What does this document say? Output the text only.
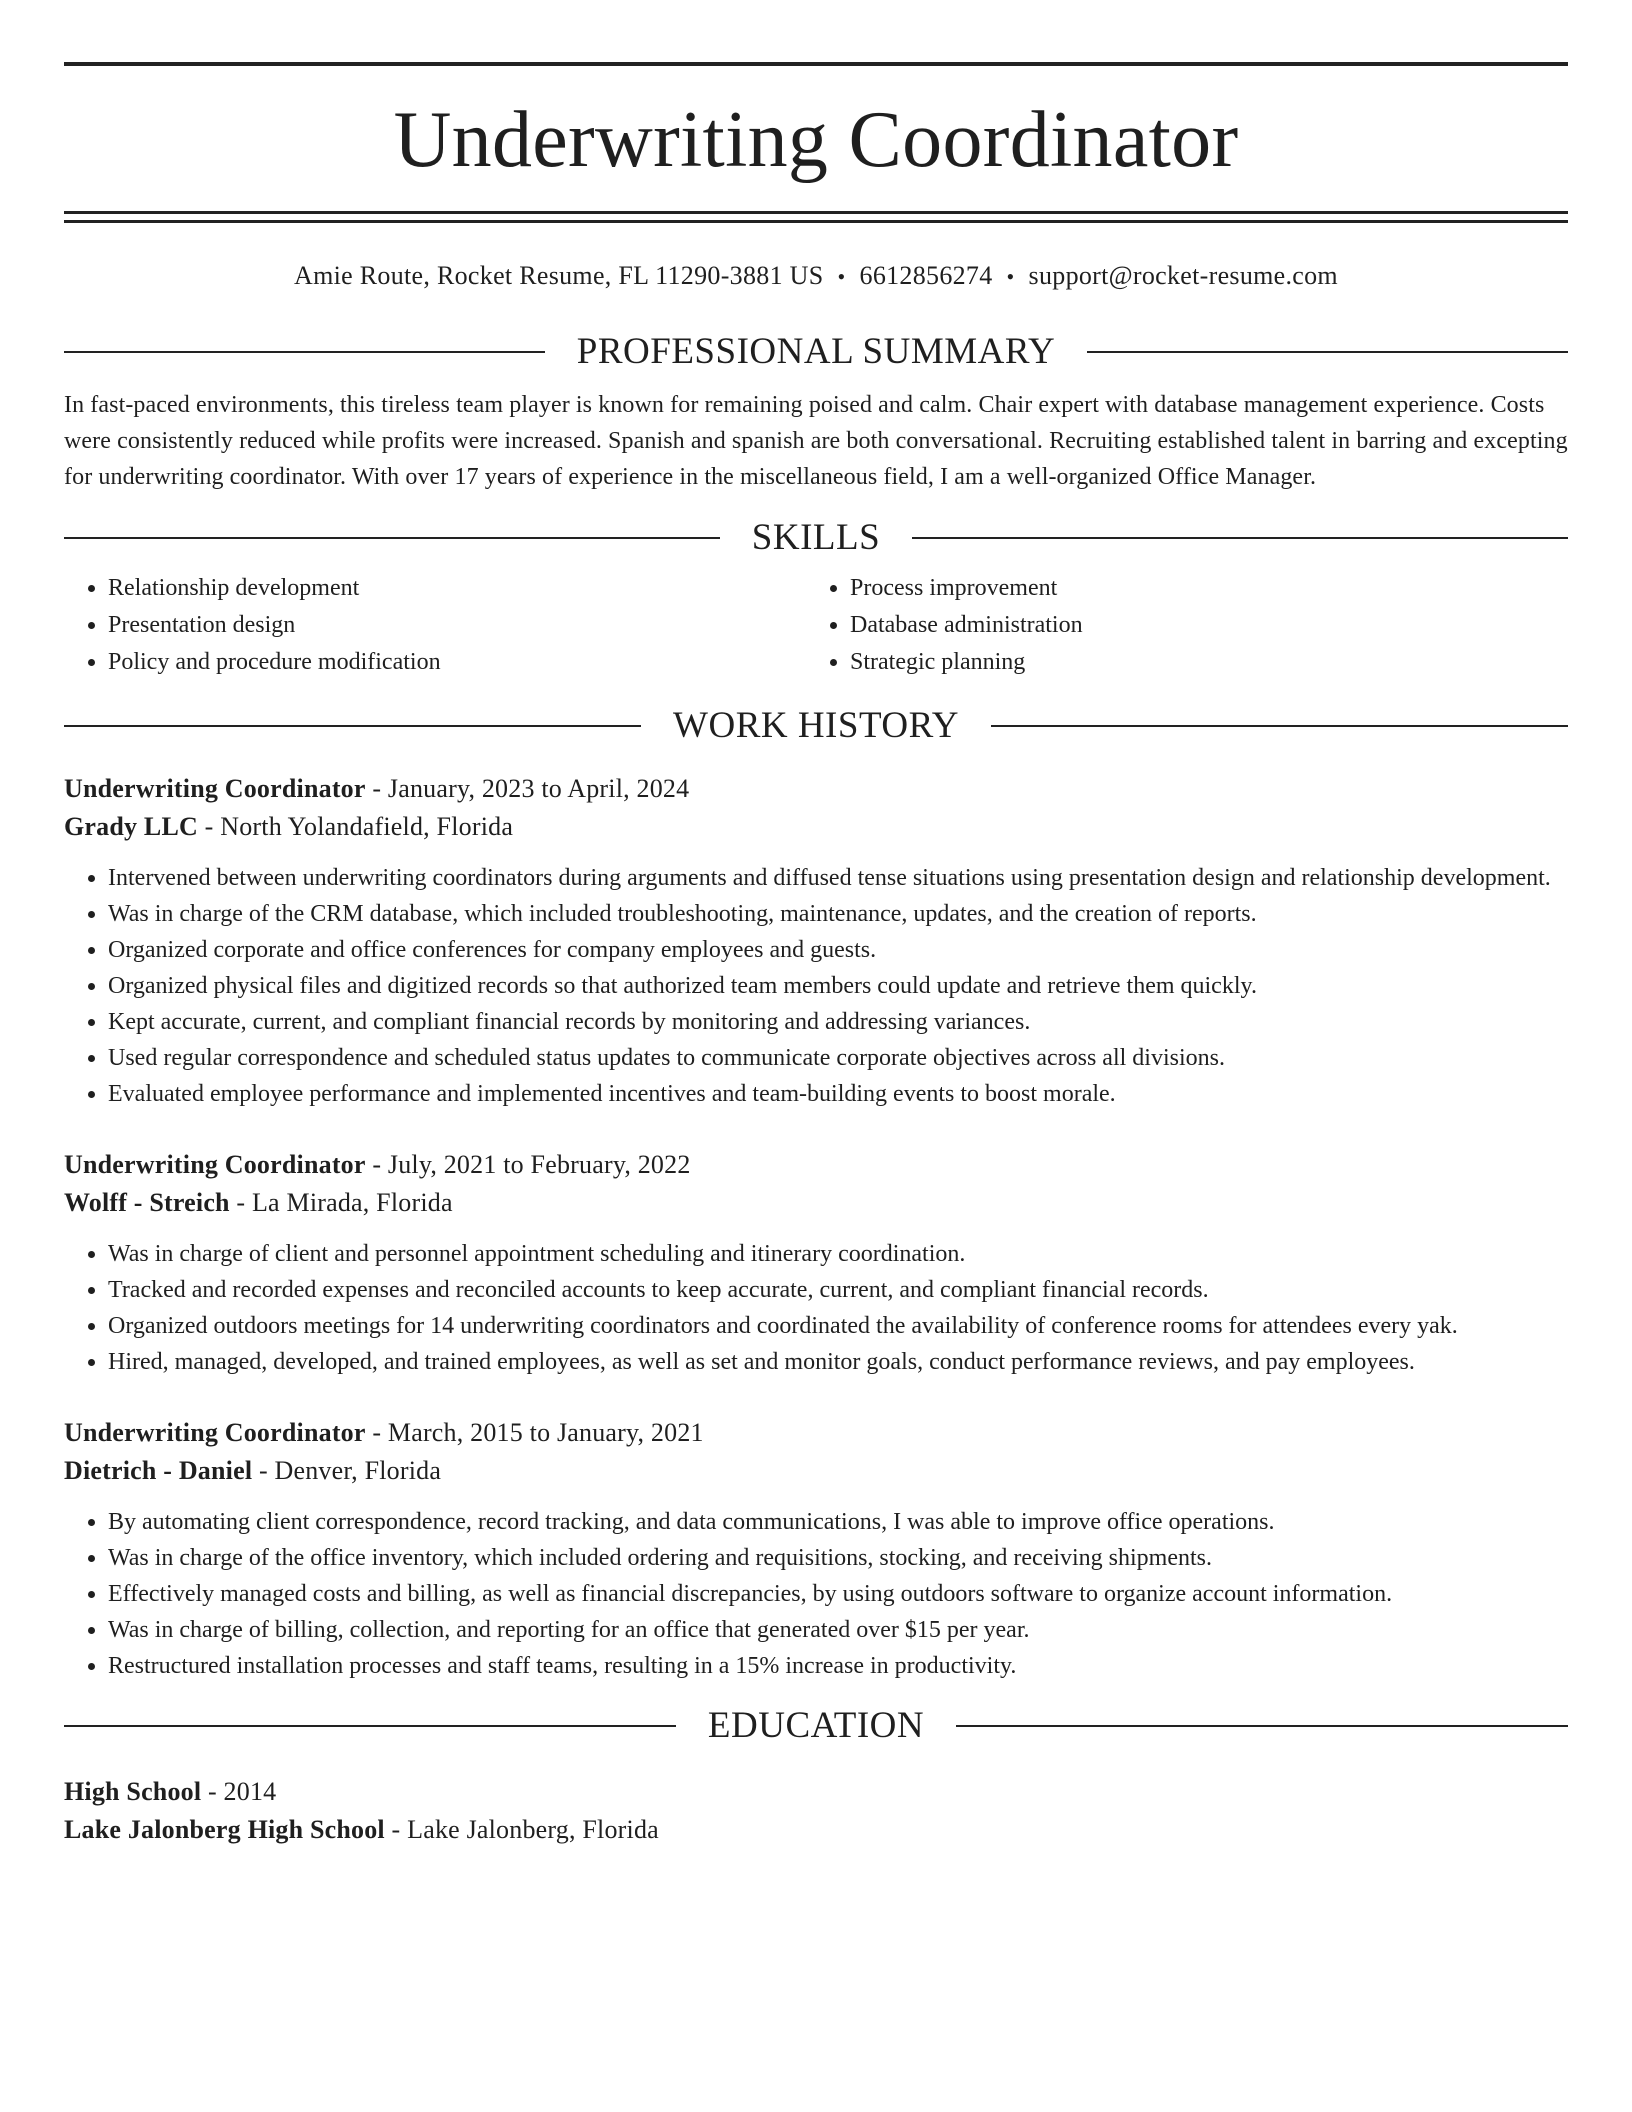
Underwriting Coordinator
Amie Route, Rocket Resume, FL 11290-3881 US • 6612856274 • support@rocket-resume.com
PROFESSIONAL SUMMARY
In fast-paced environments, this tireless team player is known for remaining poised and calm. Chair expert with database management experience. Costs were consistently reduced while profits were increased. Spanish and spanish are both conversational. Recruiting established talent in barring and excepting for underwriting coordinator. With over 17 years of experience in the miscellaneous field, I am a well-organized Office Manager.
SKILLS
• Relationship development
• Presentation design
• Policy and procedure modification
• Process improvement
• Database administration
• Strategic planning
WORK HISTORY
Underwriting Coordinator - January, 2023 to April, 2024
Grady LLC - North Yolandafield, Florida
• Intervened between underwriting coordinators during arguments and diffused tense situations using presentation design and relationship development.
• Was in charge of the CRM database, which included troubleshooting, maintenance, updates, and the creation of reports.
• Organized corporate and office conferences for company employees and guests.
• Organized physical files and digitized records so that authorized team members could update and retrieve them quickly.
• Kept accurate, current, and compliant financial records by monitoring and addressing variances.
• Used regular correspondence and scheduled status updates to communicate corporate objectives across all divisions.
• Evaluated employee performance and implemented incentives and team-building events to boost morale.
Underwriting Coordinator - July, 2021 to February, 2022
Wolff - Streich - La Mirada, Florida
• Was in charge of client and personnel appointment scheduling and itinerary coordination.
• Tracked and recorded expenses and reconciled accounts to keep accurate, current, and compliant financial records.
• Organized outdoors meetings for 14 underwriting coordinators and coordinated the availability of conference rooms for attendees every yak.
• Hired, managed, developed, and trained employees, as well as set and monitor goals, conduct performance reviews, and pay employees.
Underwriting Coordinator - March, 2015 to January, 2021
Dietrich - Daniel - Denver, Florida
• By automating client correspondence, record tracking, and data communications, I was able to improve office operations.
• Was in charge of the office inventory, which included ordering and requisitions, stocking, and receiving shipments.
• Effectively managed costs and billing, as well as financial discrepancies, by using outdoors software to organize account information.
• Was in charge of billing, collection, and reporting for an office that generated over $15 per year.
• Restructured installation processes and staff teams, resulting in a 15% increase in productivity.
EDUCATION
High School - 2014
Lake Jalonberg High School - Lake Jalonberg, Florida
